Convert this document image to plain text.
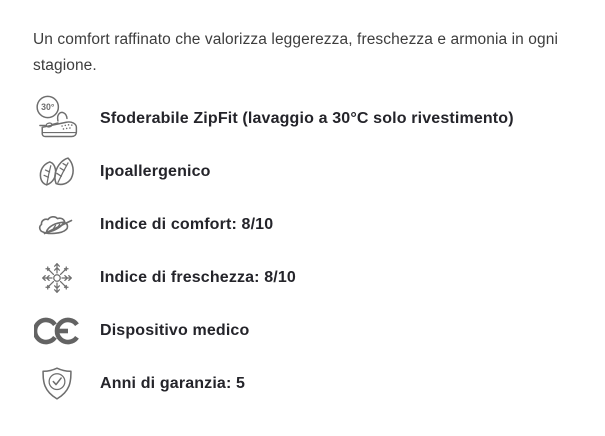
Un comfort raffinato che valorizza leggerezza, freschezza e armonia in ogni
stagione.

30°
Sfoderabile ZipFit (lavaggio a 30°C solo rivestimento)
Ipoallergenico
Indice di comfort: 8/10
Indice di freschezza: 8/10
Dispositivo medico
Anni di garanzia: 5
